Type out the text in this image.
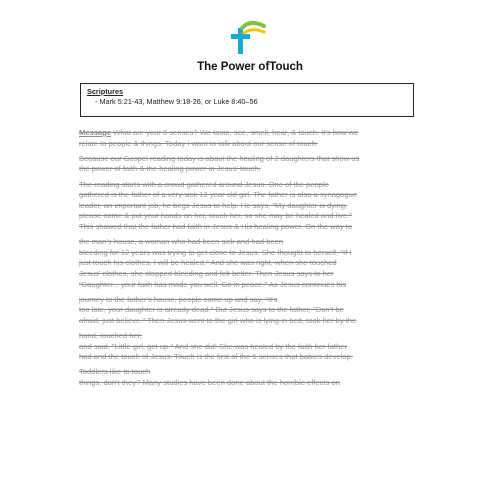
The Power ofTouch
Scriptures
- Mark 5:21-43, Matthew 9:18-26, or Luke 8:40–56

Message What are your 5 senses? We taste, see, smell, hear, & touch. It's how we
relate to people & things. Today I want to talk about our sense of touch.

Because our Gospel reading today is about the healing of 2 daughters that show us
the power of faith & the healing power in Jesus' touch.

The reading starts with a crowd gathered around Jesus. One of the people
gathered is the father of a very sick 12 year old girl. The father is also a synagogue
leader, an important job, he begs Jesus to help. He says, "My daughter is dying,
please come & put your hands on her, touch her, so she may be healed and live."
This showed that the father had faith in Jesus & His healing power. On the way to

the man's house, a woman who had been sick and had been
bleeding for 12 years was trying to get close to Jesus. She thought to herself, "If I
just touch his clothes, I will be healed." And she was right, when she touched
Jesus' clothes, she stopped bleeding and felt better. Then Jesus says to her
"Daughter... your faith has made you well. Go in peace." As Jesus continues his

journey to the father's house, people come up and say, "It's
too late, your daughter is already dead." But Jesus says to the father, "Don't be
afraid, just believe." Then Jesus went to the girl who is lying in bed, took her by the

hand, touched her,
and said, "Little girl, get up." And she did! She was healed by the faith her father
had and the touch of Jesus. Touch is the first of the 5 senses that babies develop.

Toddlers like to touch
things, don't they? Many studies have been done about the horrible effects on
